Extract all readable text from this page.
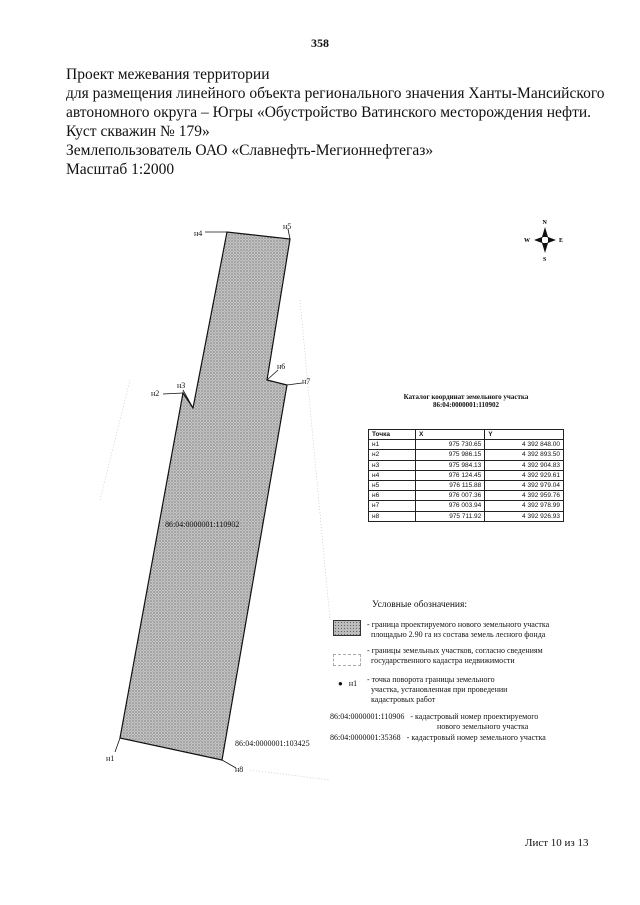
358
Проект межевания территории
для размещения линейного объекта регионального значения Ханты-Мансийского
автономного округа – Югры «Обустройство Ватинского месторождения нефти.
Куст скважин № 179»
Землепользователь ОАО «Славнефть-Мегионнефтегаз»
Масштаб 1:2000
н1
н2
н3
н4
н5
н6
н7
н8
86:04:0000001:110902
86:04:0000001:103425
N
S
E
W
Каталог координат земельного участка
86:04:0000001:110902
Точка	X	Y
н1	975 730.65	4 392 848.00
н2	975 986.15	4 392 893.50
н3	975 984.13	4 392 904.83
н4	976 124.45	4 392 929.61
н5	976 115.88	4 392 979.04
н6	976 007.36	4 392 959.76
н7	976 003.94	4 392 978.99
н8	975 711.92	4 392 926.93
Условные обозначения:
- граница проектируемого нового земельного участка
площадью 2.90 га из состава земель лесного фонда
- границы земельных участков, согласно сведениям
государственного кадастра недвижимости
● н1 - точка поворота границы земельного
участка, установленная при проведении
кадастровых работ
86:04:0000001:110906 - кадастровый номер проектируемого
нового земельного участка
86:04:0000001:35368 - кадастровый номер земельного участка
Лист 10 из 13
